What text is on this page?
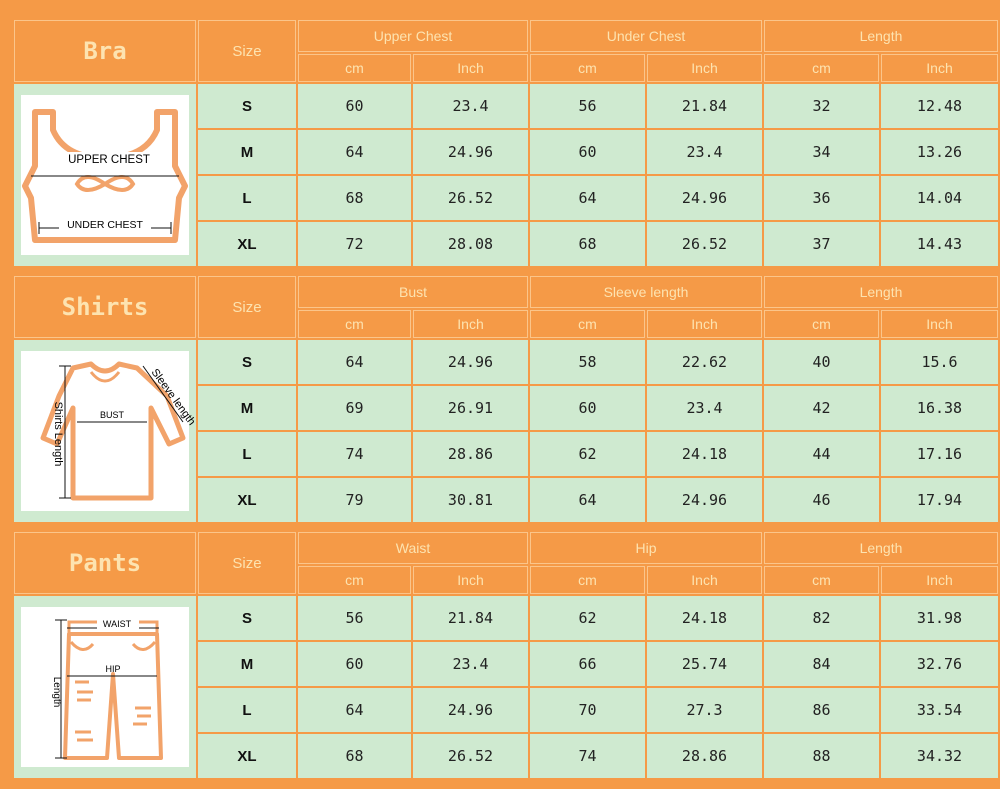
Bra	Size
Upper Chest	Under Chest	Length
cm	Inch	cm	Inch	cm	Inch
UPPER CHEST
UNDER CHEST
S	60	23.4	56	21.84	32	12.48
M	64	24.96	60	23.4	34	13.26
L	68	26.52	64	24.96	36	14.04
XL	72	28.08	68	26.52	37	14.43
Shirts	Size
Bust	Sleeve length	Length
cm	Inch	cm	Inch	cm	Inch
BUST Sleeve length
Shirts Length
S	64	24.96	58	22.62	40	15.6
M	69	26.91	60	23.4	42	16.38
L	74	28.86	62	24.18	44	17.16
XL	79	30.81	64	24.96	46	17.94
Pants	Size
Waist	Hip	Length
cm	Inch	cm	Inch	cm	Inch
WAIST
HIP
Length
S	56	21.84	62	24.18	82	31.98
M	60	23.4	66	25.74	84	32.76
L	64	24.96	70	27.3	86	33.54
XL	68	26.52	74	28.86	88	34.32
